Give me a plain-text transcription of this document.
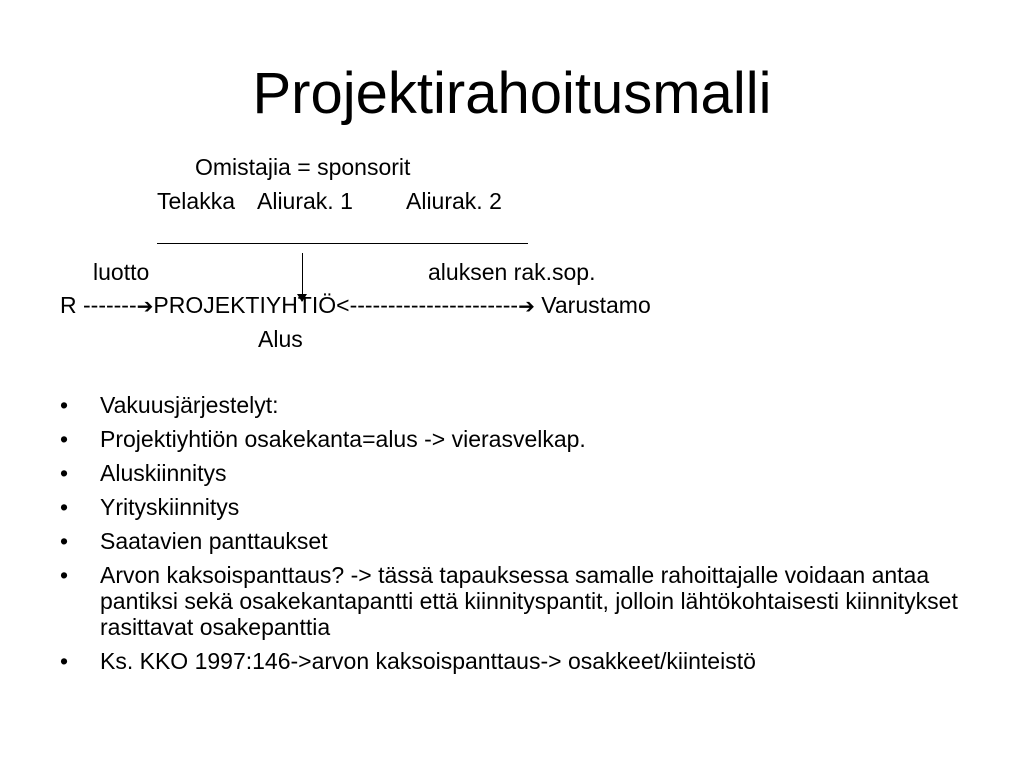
Projektirahoitusmalli
Omistajia = sponsorit
Telakka Aliurak. 1 Aliurak. 2
luotto	aluksen rak.sop.
R -------➔PROJEKTIYHTIÖ<----------------------➔ Varustamo
Alus
• Vakuusjärjestelyt:
• Projektiyhtiön osakekanta=alus -> vierasvelkap.
• Aluskiinnitys
• Yrityskiinnitys
• Saatavien panttaukset
• Arvon kaksoispanttaus? -> tässä tapauksessa samalle rahoittajalle voidaan antaa pantiksi sekä osakekantapantti että kiinnityspantit, jolloin lähtökohtaisesti kiinnitykset rasittavat osakepanttia
• Ks. KKO 1997:146->arvon kaksoispanttaus-> osakkeet/kiinteistö
